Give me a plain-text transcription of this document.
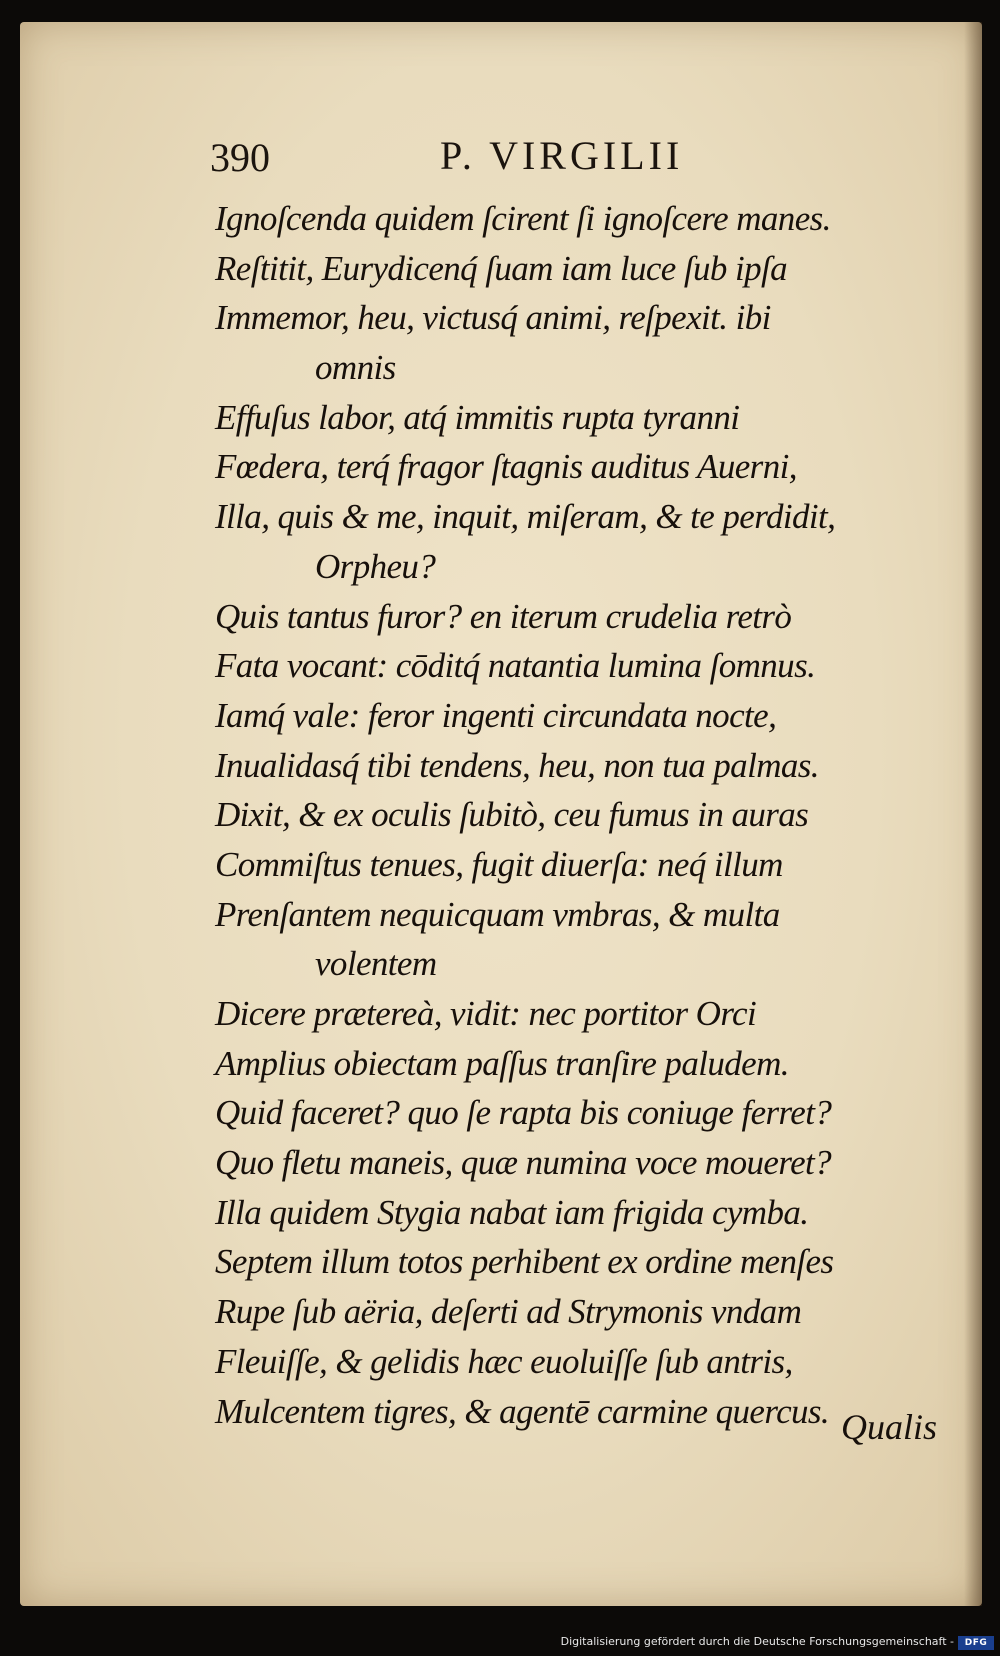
390	P. VIRGILII
Ignoſcenda quidem ſcirent ſi ignoſcere manes.
Reſtitit, Eurydicenq́ ſuam iam luce ſub ipſa
Immemor, heu, victusq́ animi, reſpexit. ibi
omnis
Effuſus labor, atq́ immitis rupta tyranni
Fœdera, terq́ fragor ſtagnis auditus Auerni,
Illa, quis & me, inquit, miſeram, & te perdidit,
Orpheu?
Quis tantus furor? en iterum crudelia retrò
Fata vocant: cōditq́ natantia lumina ſomnus.
Iamq́ vale: feror ingenti circundata nocte,
Inualidasq́ tibi tendens, heu, non tua palmas.
Dixit, & ex oculis ſubitò, ceu fumus in auras
Commiſtus tenues, fugit diuerſa: neq́ illum
Prenſantem nequicquam vmbras, & multa
volentem
Dicere prætereà, vidit: nec portitor Orci
Amplius obiectam paſſus tranſire paludem.
Quid faceret? quo ſe rapta bis coniuge ferret?
Quo fletu maneis, quæ numina voce moueret?
Illa quidem Stygia nabat iam frigida cymba.
Septem illum totos perhibent ex ordine menſes
Rupe ſub aëria, deſerti ad Strymonis vndam
Fleuiſſe, & gelidis hæc euoluiſſe ſub antris,
Mulcentem tigres, & agentē carmine quercus. Qualis
Digitalisierung gefördert durch die Deutsche Forschungsgemeinschaft -	DFG
